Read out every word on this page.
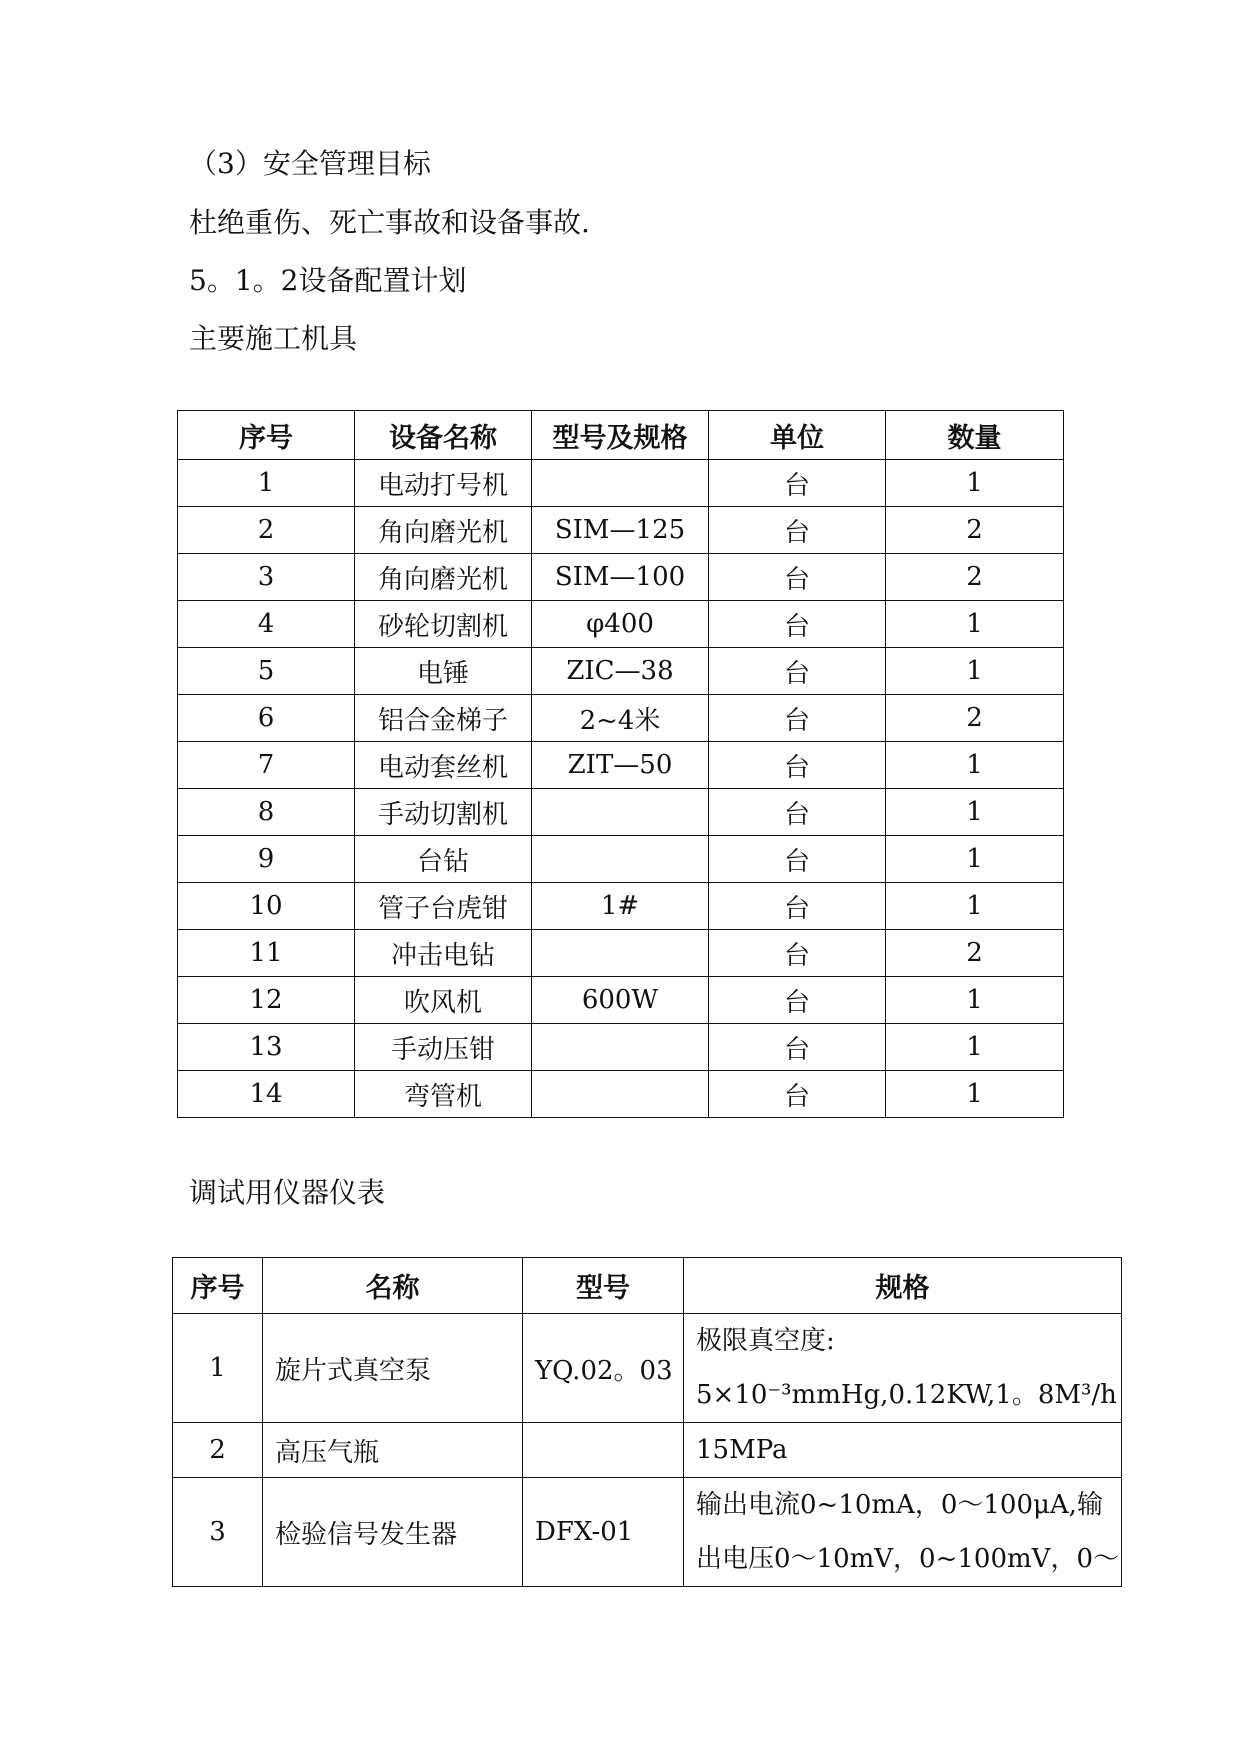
（3）安全管理目标
杜绝重伤、死亡事故和设备事故.
5。1。2设备配置计划
主要施工机具
序号	设备名称	型号及规格	单位	数量
1	电动打号机		台	1
2	角向磨光机	SIM—125	台	2
3	角向磨光机	SIM—100	台	2
4	砂轮切割机	φ400	台	1
5	电锤	ZIC—38	台	1
6	铝合金梯子	2~4米	台	2
7	电动套丝机	ZIT—50	台	1
8	手动切割机		台	1
9	台钻		台	1
10	管子台虎钳	1#	台	1
11	冲击电钻		台	2
12	吹风机	600W	台	1
13	手动压钳		台	1
14	弯管机		台	1
调试用仪器仪表
序号	名称	型号	规格
1	旋片式真空泵	YQ.02。03	极限真空度:
5×10⁻³mmHg,0.12KW,1。8M³/h

2	高压气瓶		15MPa

3	检验信号发生器	DFX-01	输出电流0~10mA，0～100μA,输
出电压0～10mV，0~100mV，0～
